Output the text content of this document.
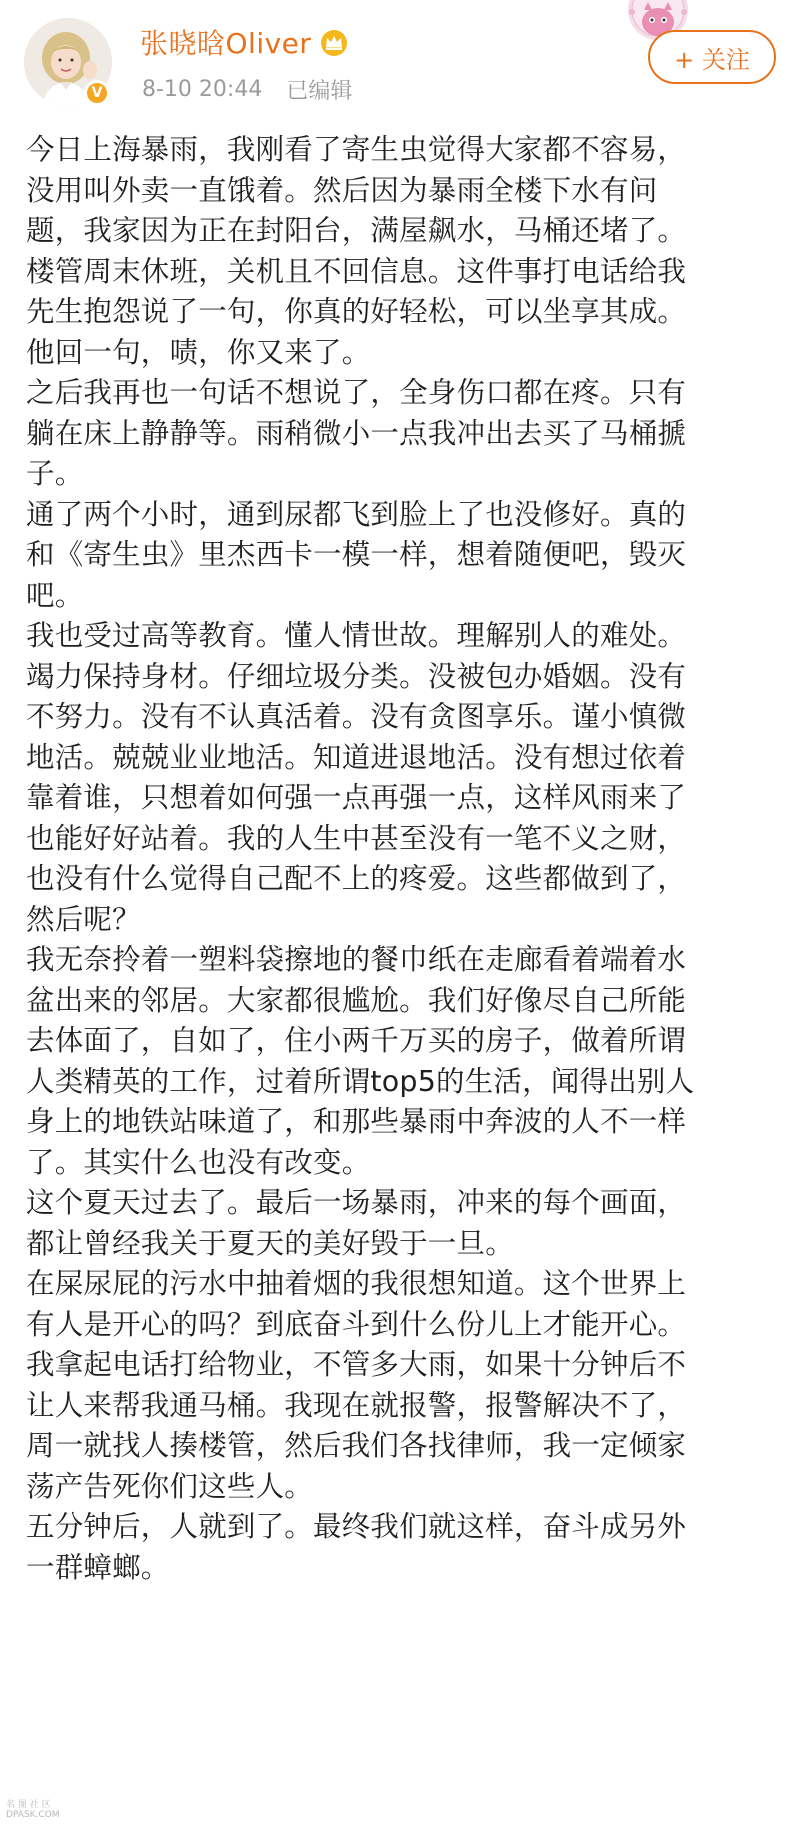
V
张晓晗Oliver
8-10 20:44 已编辑
+ 关注

今日上海暴雨，我刚看了寄生虫觉得大家都不容易，
没用叫外卖一直饿着。然后因为暴雨全楼下水有问
题，我家因为正在封阳台，满屋飙水，马桶还堵了。
楼管周末休班，关机且不回信息。这件事打电话给我
先生抱怨说了一句，你真的好轻松，可以坐享其成。
他回一句，啧，你又来了。

之后我再也一句话不想说了，全身伤口都在疼。只有
躺在床上静静等。雨稍微小一点我冲出去买了马桶搋
子。

通了两个小时，通到尿都飞到脸上了也没修好。真的
和《寄生虫》里杰西卡一模一样，想着随便吧，毁灭
吧。

我也受过高等教育。懂人情世故。理解别人的难处。
竭力保持身材。仔细垃圾分类。没被包办婚姻。没有
不努力。没有不认真活着。没有贪图享乐。谨小慎微
地活。兢兢业业地活。知道进退地活。没有想过依着
靠着谁，只想着如何强一点再强一点，这样风雨来了
也能好好站着。我的人生中甚至没有一笔不义之财，
也没有什么觉得自己配不上的疼爱。这些都做到了，
然后呢？

我无奈拎着一塑料袋擦地的餐巾纸在走廊看着端着水
盆出来的邻居。大家都很尴尬。我们好像尽自己所能
去体面了，自如了，住小两千万买的房子，做着所谓
人类精英的工作，过着所谓top5的生活，闻得出别人
身上的地铁站味道了，和那些暴雨中奔波的人不一样
了。其实什么也没有改变。

这个夏天过去了。最后一场暴雨，冲来的每个画面，
都让曾经我关于夏天的美好毁于一旦。

在屎尿屁的污水中抽着烟的我很想知道。这个世界上
有人是开心的吗？到底奋斗到什么份儿上才能开心。

我拿起电话打给物业，不管多大雨，如果十分钟后不
让人来帮我通马桶。我现在就报警，报警解决不了，
周一就找人揍楼管，然后我们各找律师，我一定倾家
荡产告死你们这些人。

五分钟后，人就到了。最终我们就这样，奋斗成另外
一群蟑螂。

名 图 社 区
DPASK.COM
